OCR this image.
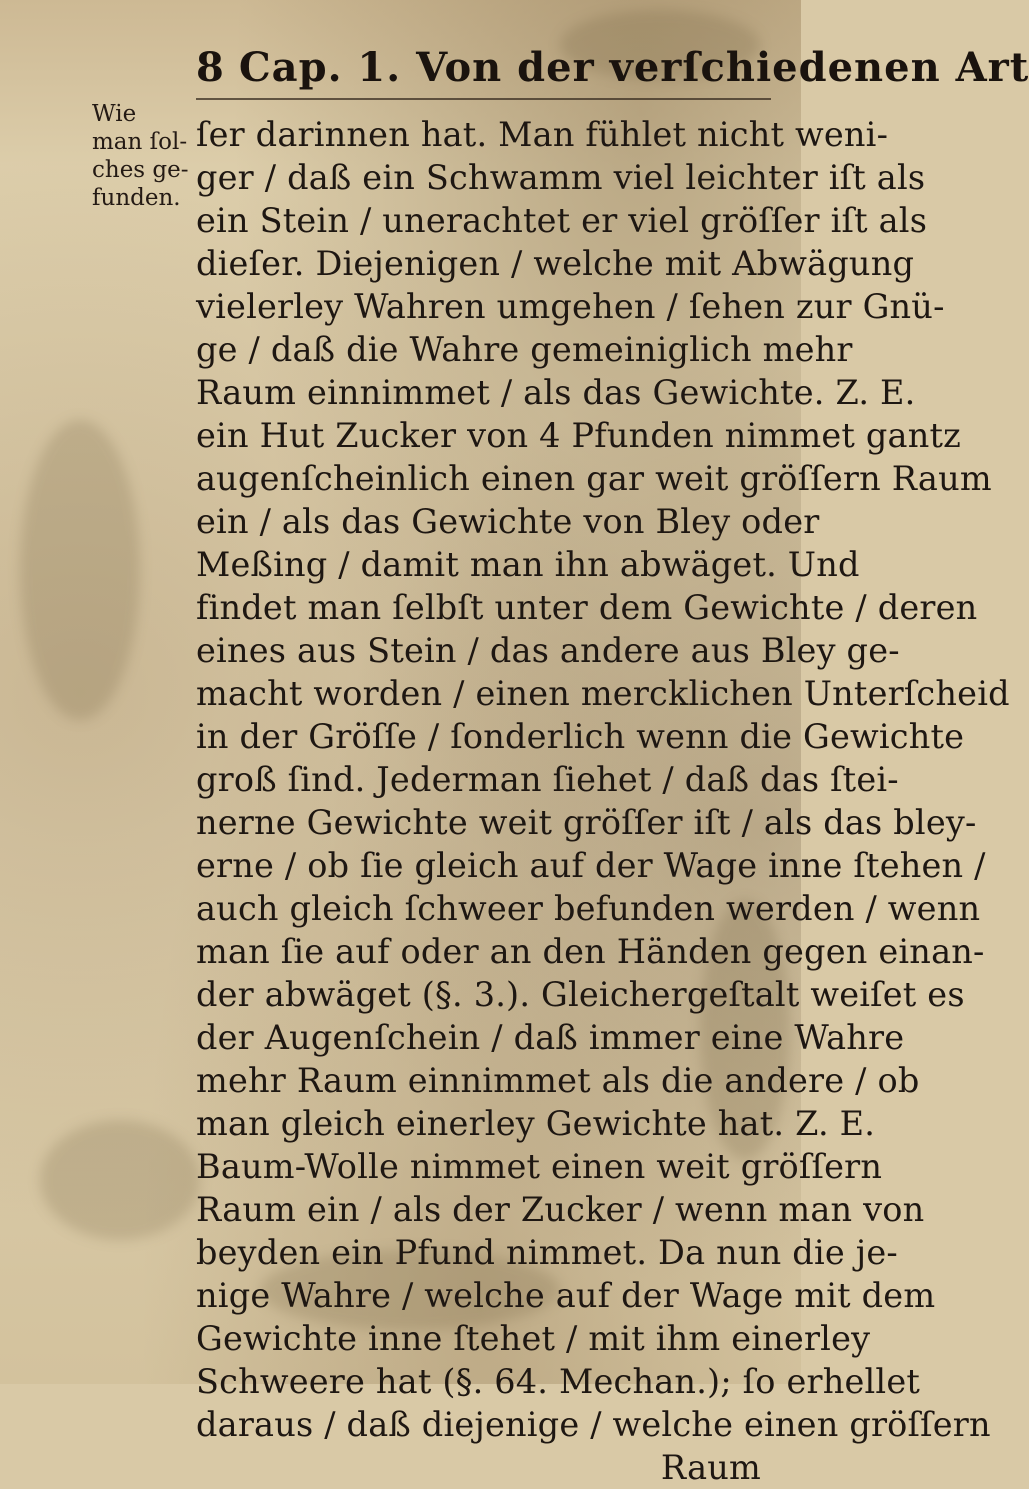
8 Cap. 1. Von der verſchiedenen Art
Wie
man ſol-
ches ge-
funden.
ſer darinnen hat. Man fühlet nicht weni-
ger / daß ein Schwamm viel leichter iſt als
ein Stein / unerachtet er viel gröſſer iſt als
dieſer. Diejenigen / welche mit Abwägung
vielerley Wahren umgehen / ſehen zur Gnü-
ge / daß die Wahre gemeiniglich mehr
Raum einnimmet / als das Gewichte. Z. E.
ein Hut Zucker von 4 Pfunden nimmet gantz
augenſcheinlich einen gar weit gröſſern Raum
ein / als das Gewichte von Bley oder
Meßing / damit man ihn abwäget. Und
findet man ſelbſt unter dem Gewichte / deren
eines aus Stein / das andere aus Bley ge-
macht worden / einen mercklichen Unterſcheid
in der Gröſſe / ſonderlich wenn die Gewichte
groß ſind. Jederman ſiehet / daß das ſtei-
nerne Gewichte weit gröſſer iſt / als das bley-
erne / ob ſie gleich auf der Wage inne ſtehen /
auch gleich ſchweer befunden werden / wenn
man ſie auf oder an den Händen gegen einan-
der abwäget (§. 3.). Gleichergeſtalt weiſet es
der Augenſchein / daß immer eine Wahre
mehr Raum einnimmet als die andere / ob
man gleich einerley Gewichte hat. Z. E.
Baum-Wolle nimmet einen weit gröſſern
Raum ein / als der Zucker / wenn man von
beyden ein Pfund nimmet. Da nun die je-
nige Wahre / welche auf der Wage mit dem
Gewichte inne ſtehet / mit ihm einerley
Schweere hat (§. 64. Mechan.); ſo erhellet
daraus / daß diejenige / welche einen gröſſern
Raum
